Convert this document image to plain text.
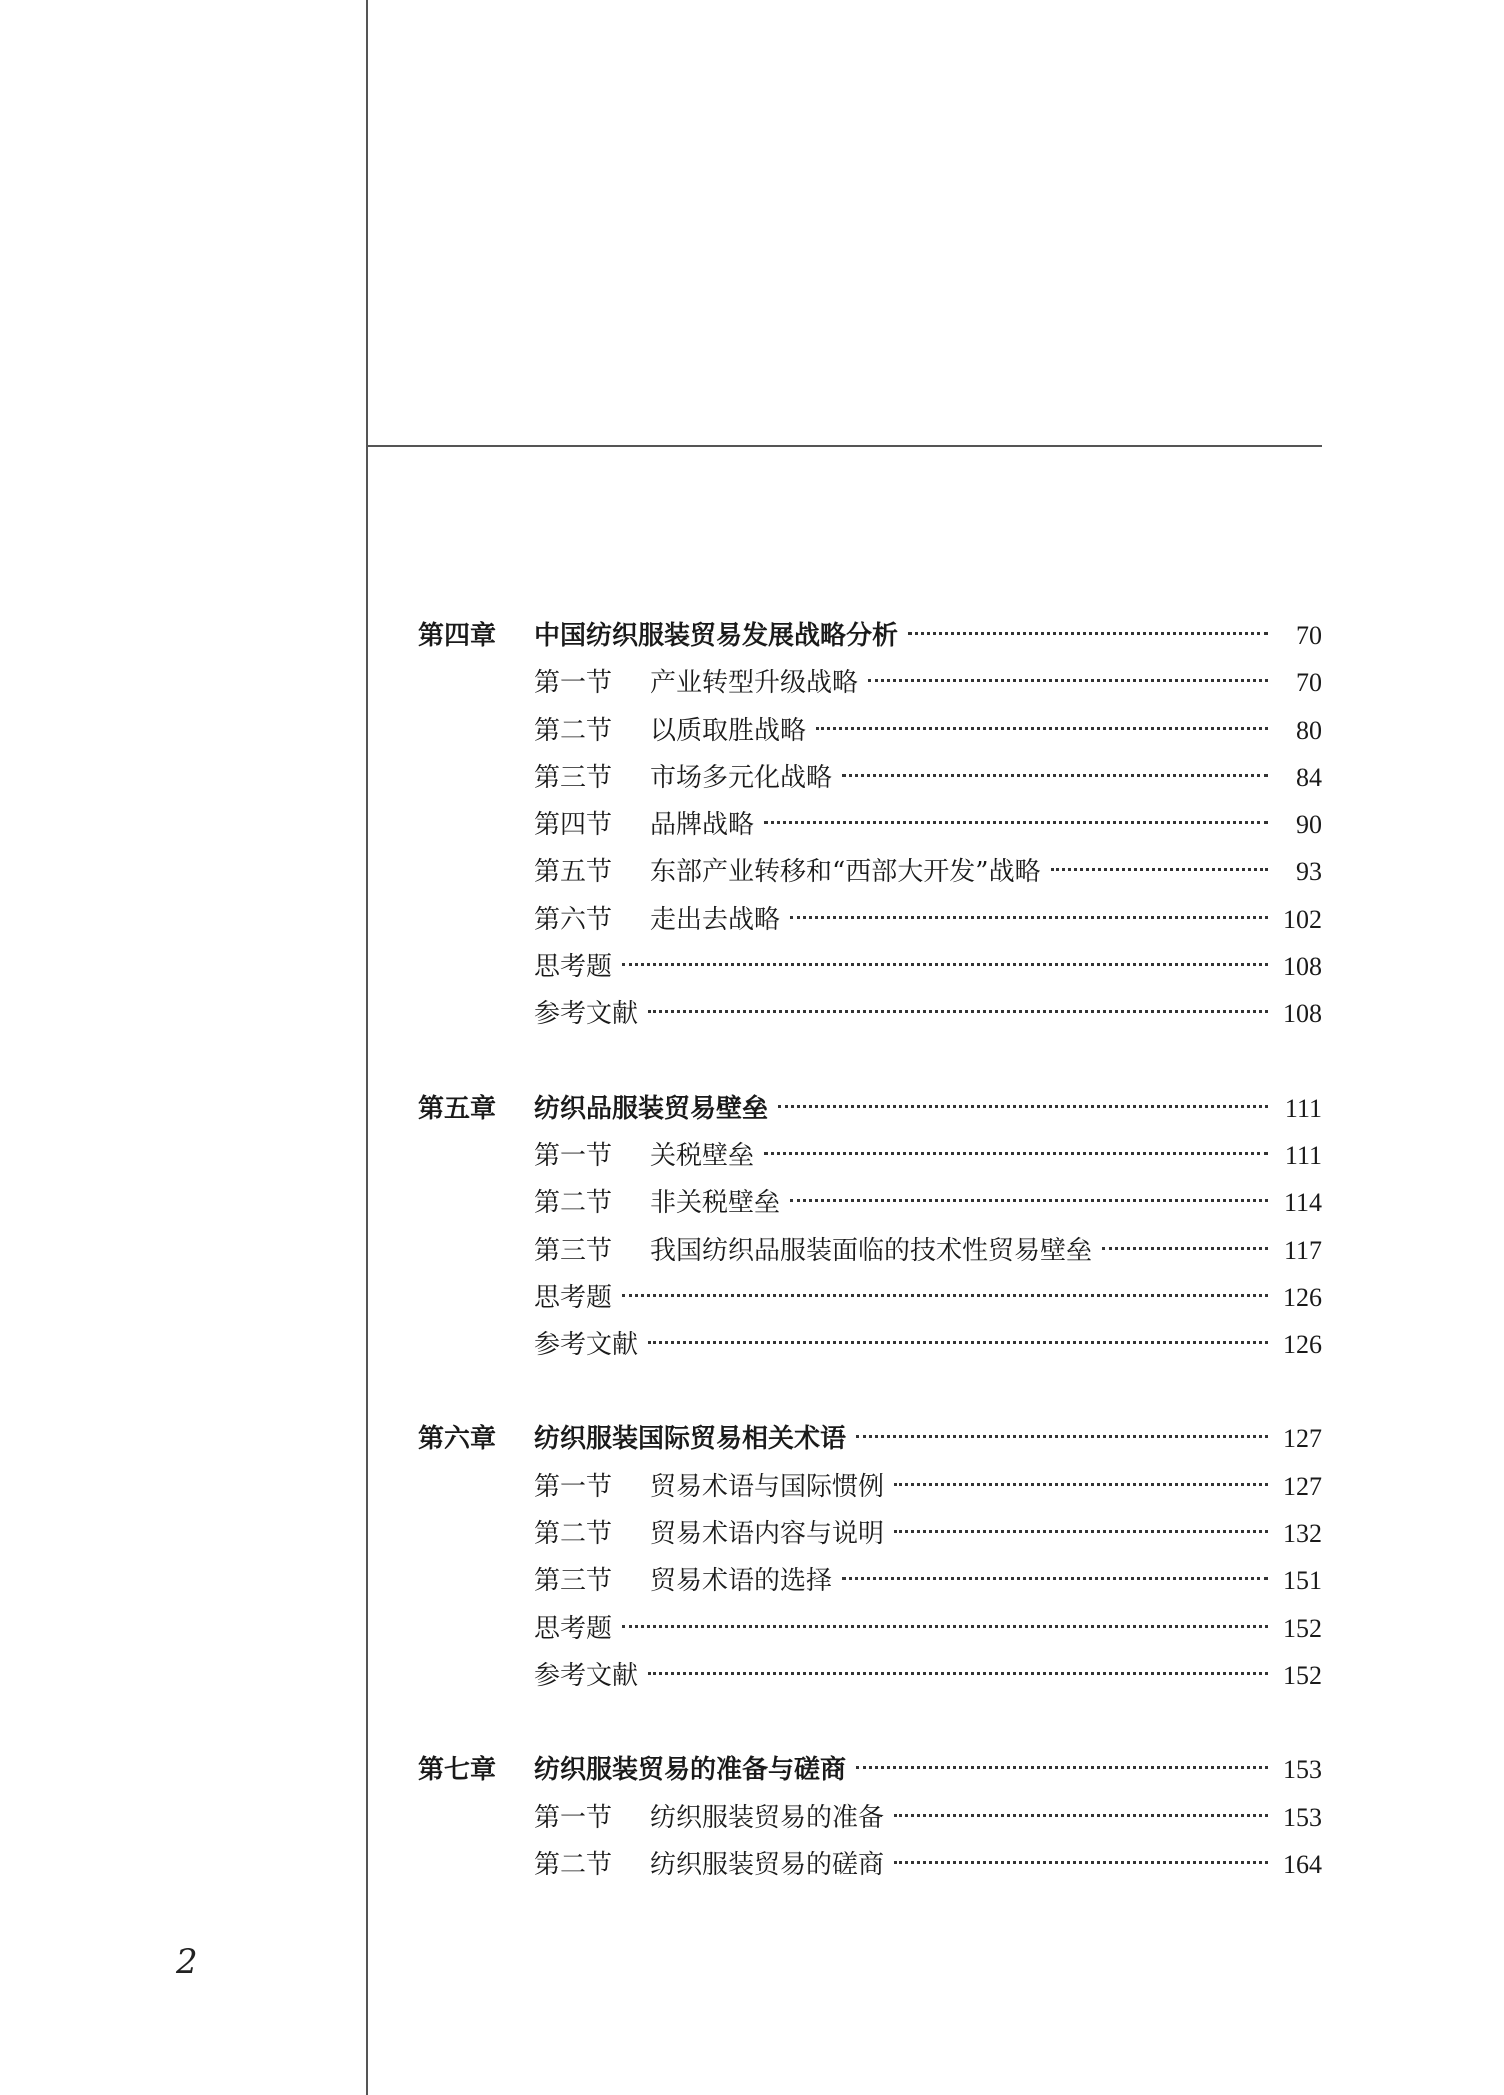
第四章	中国纺织服装贸易发展战略分析	70
第一节	产业转型升级战略	70
第二节	以质取胜战略	80
第三节	市场多元化战略	84
第四节	品牌战略	90
第五节	东部产业转移和“西部大开发”战略	93
第六节	走出去战略	102
思考题	108
参考文献	108
第五章	纺织品服装贸易壁垒	111
第一节	关税壁垒	111
第二节	非关税壁垒	114
第三节	我国纺织品服装面临的技术性贸易壁垒	117
思考题	126
参考文献	126
第六章	纺织服装国际贸易相关术语	127
第一节	贸易术语与国际惯例	127
第二节	贸易术语内容与说明	132
第三节	贸易术语的选择	151
思考题	152
参考文献	152
第七章	纺织服装贸易的准备与磋商	153
第一节	纺织服装贸易的准备	153
第二节	纺织服装贸易的磋商	164
2
